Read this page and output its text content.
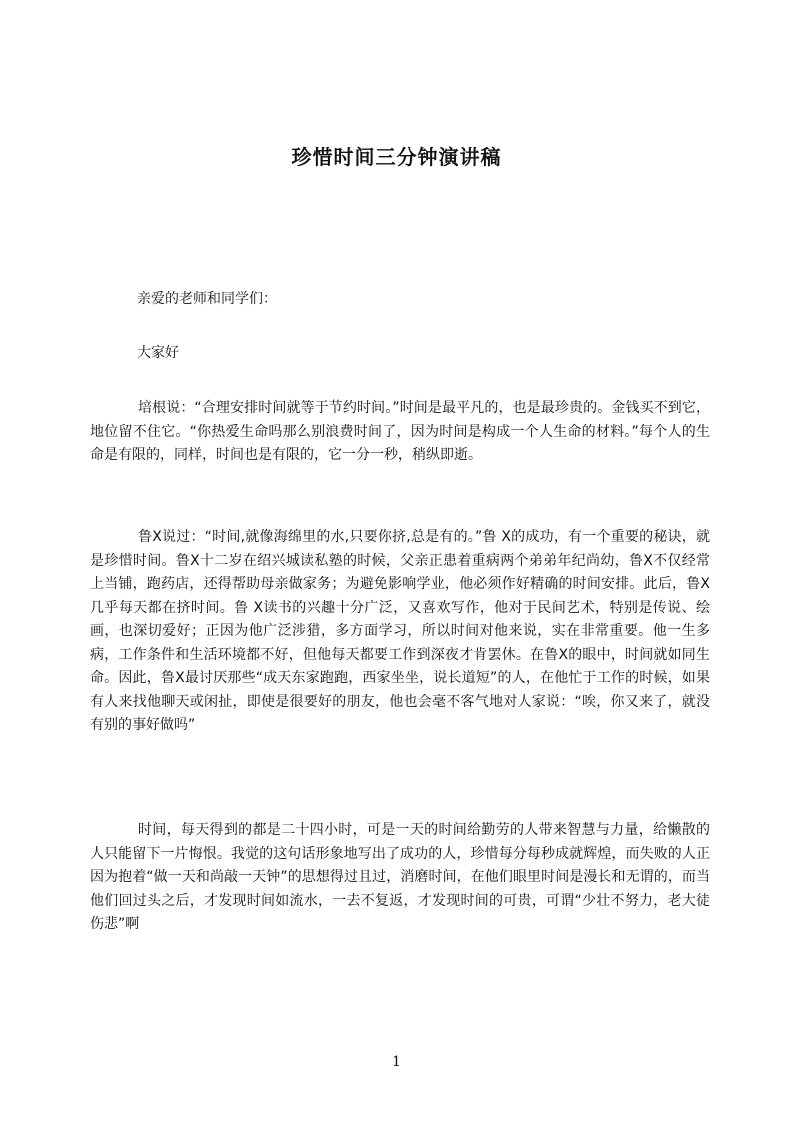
珍惜时间三分钟演讲稿

亲爱的老师和同学们：

大家好

培根说：“合理安排时间就等于节约时间。”时间是最平凡的，也是最珍贵的。金钱买不到它，地位留不住它。“你热爱生命吗那么别浪费时间了，因为时间是构成一个人生命的材料。”每个人的生命是有限的，同样，时间也是有限的，它一分一秒，稍纵即逝。

鲁X说过：“时间,就像海绵里的水,只要你挤,总是有的。”鲁 X的成功，有一个重要的秘诀，就是珍惜时间。鲁X十二岁在绍兴城读私塾的时候，父亲正患着重病两个弟弟年纪尚幼，鲁X不仅经常上当铺，跑药店，还得帮助母亲做家务；为避免影响学业，他必须作好精确的时间安排。此后，鲁X几乎每天都在挤时间。鲁 X读书的兴趣十分广泛，又喜欢写作，他对于民间艺术，特别是传说、绘画，也深切爱好；正因为他广泛涉猎，多方面学习，所以时间对他来说，实在非常重要。他一生多病，工作条件和生活环境都不好，但他每天都要工作到深夜才肯罢休。在鲁X的眼中，时间就如同生命。因此，鲁X最讨厌那些“成天东家跑跑，西家坐坐，说长道短”的人，在他忙于工作的时候，如果有人来找他聊天或闲扯，即使是很要好的朋友，他也会毫不客气地对人家说：“唉，你又来了，就没有别的事好做吗”

时间，每天得到的都是二十四小时，可是一天的时间给勤劳的人带来智慧与力量，给懒散的人只能留下一片悔恨。我觉的这句话形象地写出了成功的人，珍惜每分每秒成就辉煌，而失败的人正因为抱着“做一天和尚敲一天钟”的思想得过且过，消磨时间，在他们眼里时间是漫长和无谓的，而当他们回过头之后，才发现时间如流水，一去不复返，才发现时间的可贵，可谓“少壮不努力，老大徒伤悲”啊

1
